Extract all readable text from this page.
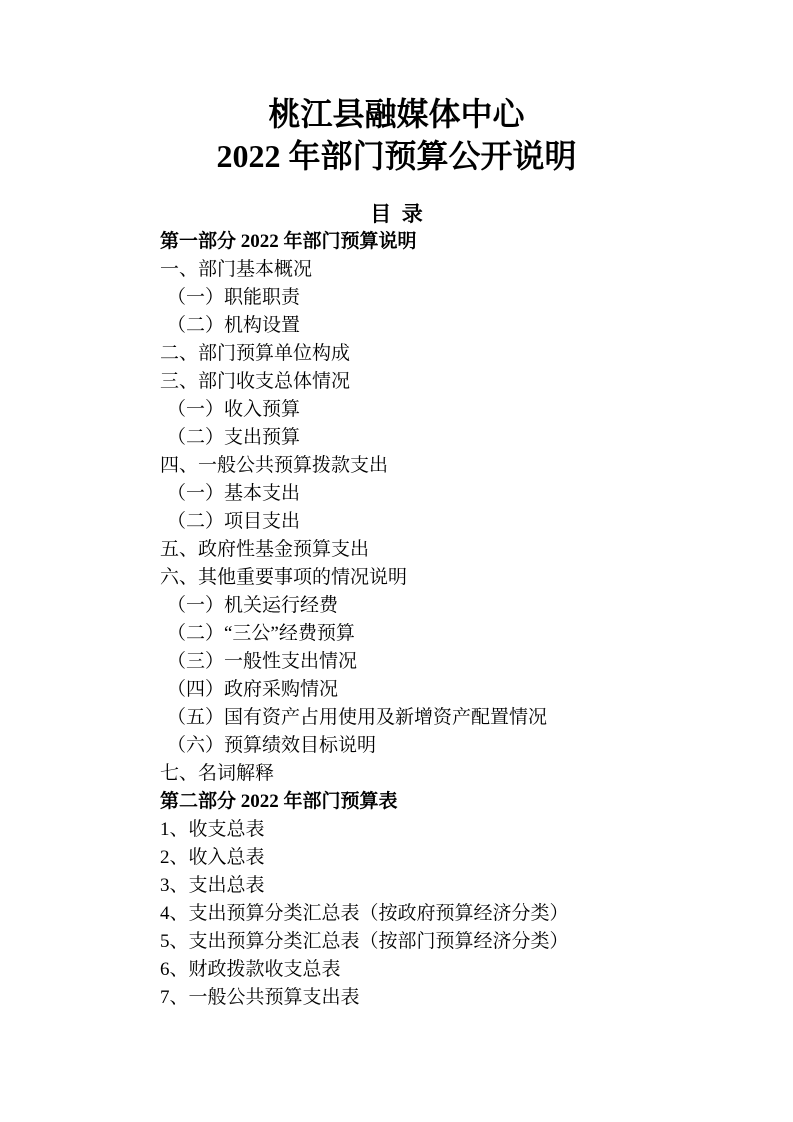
桃江县融媒体中心
2022 年部门预算公开说明
目  录
第一部分 2022 年部门预算说明
一、部门基本概况
（一）职能职责
（二）机构设置
二、部门预算单位构成
三、部门收支总体情况
（一）收入预算
（二）支出预算
四、一般公共预算拨款支出
（一）基本支出
（二）项目支出
五、政府性基金预算支出
六、其他重要事项的情况说明
（一）机关运行经费
（二）“三公”经费预算
（三）一般性支出情况
（四）政府采购情况
（五）国有资产占用使用及新增资产配置情况
（六）预算绩效目标说明
七、名词解释
第二部分 2022 年部门预算表
1、收支总表
2、收入总表
3、支出总表
4、支出预算分类汇总表（按政府预算经济分类）
5、支出预算分类汇总表（按部门预算经济分类）
6、财政拨款收支总表
7、一般公共预算支出表
